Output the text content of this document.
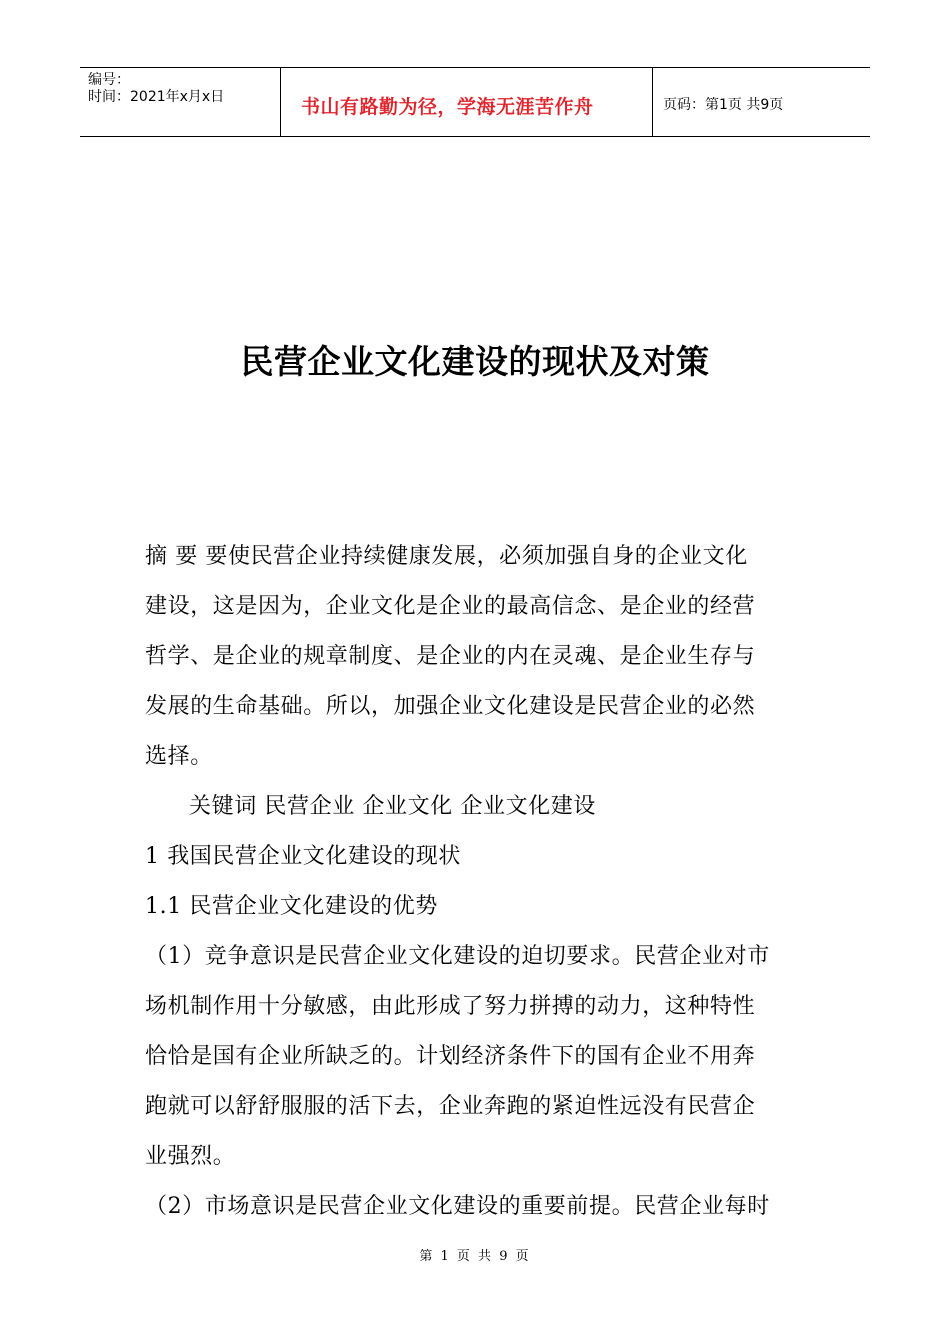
编号：
时间：2021年x月x日	书山有路勤为径，学海无涯苦作舟	页码：第1页 共9页
民营企业文化建设的现状及对策

摘 要 要使民营企业持续健康发展，必须加强自身的企业文化

建设，这是因为，企业文化是企业的最高信念、是企业的经营

哲学、是企业的规章制度、是企业的内在灵魂、是企业生存与

发展的生命基础。所以，加强企业文化建设是民营企业的必然

选择。

关键词 民营企业 企业文化 企业文化建设

1 我国民营企业文化建设的现状

1.1 民营企业文化建设的优势

（1）竞争意识是民营企业文化建设的迫切要求。民营企业对市

场机制作用十分敏感，由此形成了努力拼搏的动力，这种特性

恰恰是国有企业所缺乏的。计划经济条件下的国有企业不用奔

跑就可以舒舒服服的活下去，企业奔跑的紧迫性远没有民营企

业强烈。

（2）市场意识是民营企业文化建设的重要前提。民营企业每时

第 1 页 共 9 页
